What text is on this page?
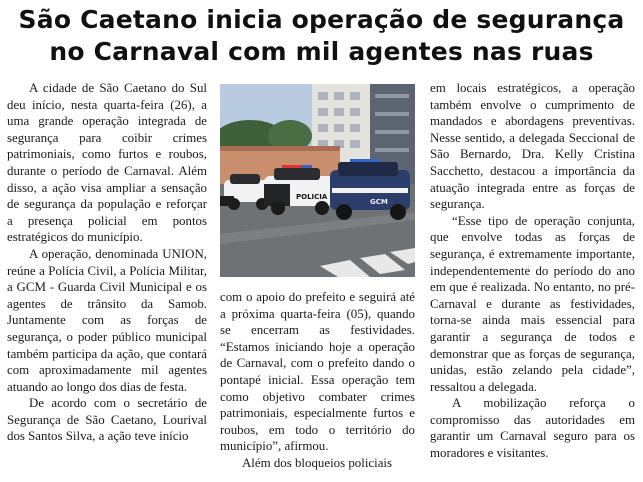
São Caetano inicia operação de segurança
no Carnaval com mil agentes nas ruas

A cidade de São Caetano do Sul deu início, nesta quarta-feira (26), a uma grande operação integrada de segurança para coibir crimes patrimoniais, como furtos e roubos, durante o período de Carnaval. Além disso, a ação visa ampliar a sensação de segurança da população e reforçar a presença policial em pontos estratégicos do município.

A operação, denominada UNION, reúne a Polícia Civil, a Polícia Militar, a GCM - Guarda Civil Municipal e os agentes de trânsito da Samob. Juntamente com as forças de segurança, o poder público municipal também participa da ação, que contará com aproximadamente mil agentes atuando ao longo dos dias de festa.

De acordo com o secretário de Segurança de São Caetano, Lourival dos Santos Silva, a ação teve início

POLICIA
GCM

com o apoio do prefeito e seguirá até a próxima quarta-feira (05), quando se encerram as festividades. “Estamos iniciando hoje a operação de Carnaval, com o prefeito dando o pontapé inicial. Essa operação tem como objetivo combater crimes patrimoniais, especialmente furtos e roubos, em todo o território do município”, afirmou.

Além dos bloqueios policiais

em locais estratégicos, a operação também envolve o cumprimento de mandados e abordagens preventivas. Nesse sentido, a delegada Seccional de São Bernardo, Dra. Kelly Cristina Sacchetto, destacou a importância da atuação integrada entre as forças de segurança.

“Esse tipo de operação conjunta, que envolve todas as forças de segurança, é extremamente importante, independentemente do período do ano em que é realizada. No entanto, no pré-Carnaval e durante as festividades, torna-se ainda mais essencial para garantir a segurança de todos e demonstrar que as forças de segurança, unidas, estão zelando pela cidade”, ressaltou a delegada.

A mobilização reforça o compromisso das autoridades em garantir um Carnaval seguro para os moradores e visitantes.
